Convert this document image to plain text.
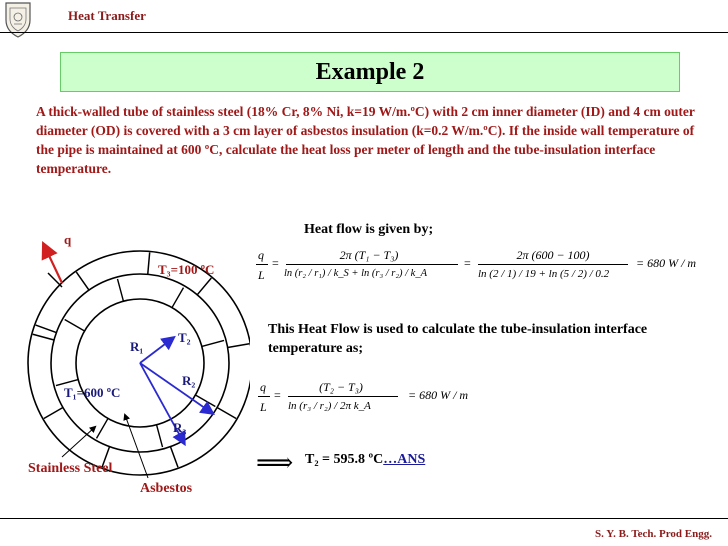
Heat Transfer
Example 2
A thick-walled tube of stainless steel (18% Cr, 8% Ni, k=19 W/m.ºC) with 2 cm inner diameter (ID) and 4 cm outer diameter (OD) is covered with a 3 cm layer of asbestos insulation (k=0.2 W/m.ºC). If the inside wall temperature of the pipe is maintained at 600 ºC, calculate the heat loss per meter of length and the tube-insulation interface temperature.
q
T₃=100 ºC
T₂
R₁
R₂
R₃
T₁=600 ºC
Stainless Steel
Asbestos
Heat flow is given by;
q
L
=
2π (T₁ − T₃)
ln (r₂ / r₁) / k_S + ln (r₃ / r₂) / k_A
=
2π (600 − 100)
ln (2 / 1) / 19 + ln (5 / 2) / 0.2
= 680 W / m
This Heat Flow is used to calculate the tube-insulation interface temperature as;
q
L
=
(T₂ − T₃)
ln (r₃ / r₂) / 2π k_A
= 680 W / m
⟹ T₂ = 595.8 ºC…ANS
S. Y. B. Tech. Prod Engg.
